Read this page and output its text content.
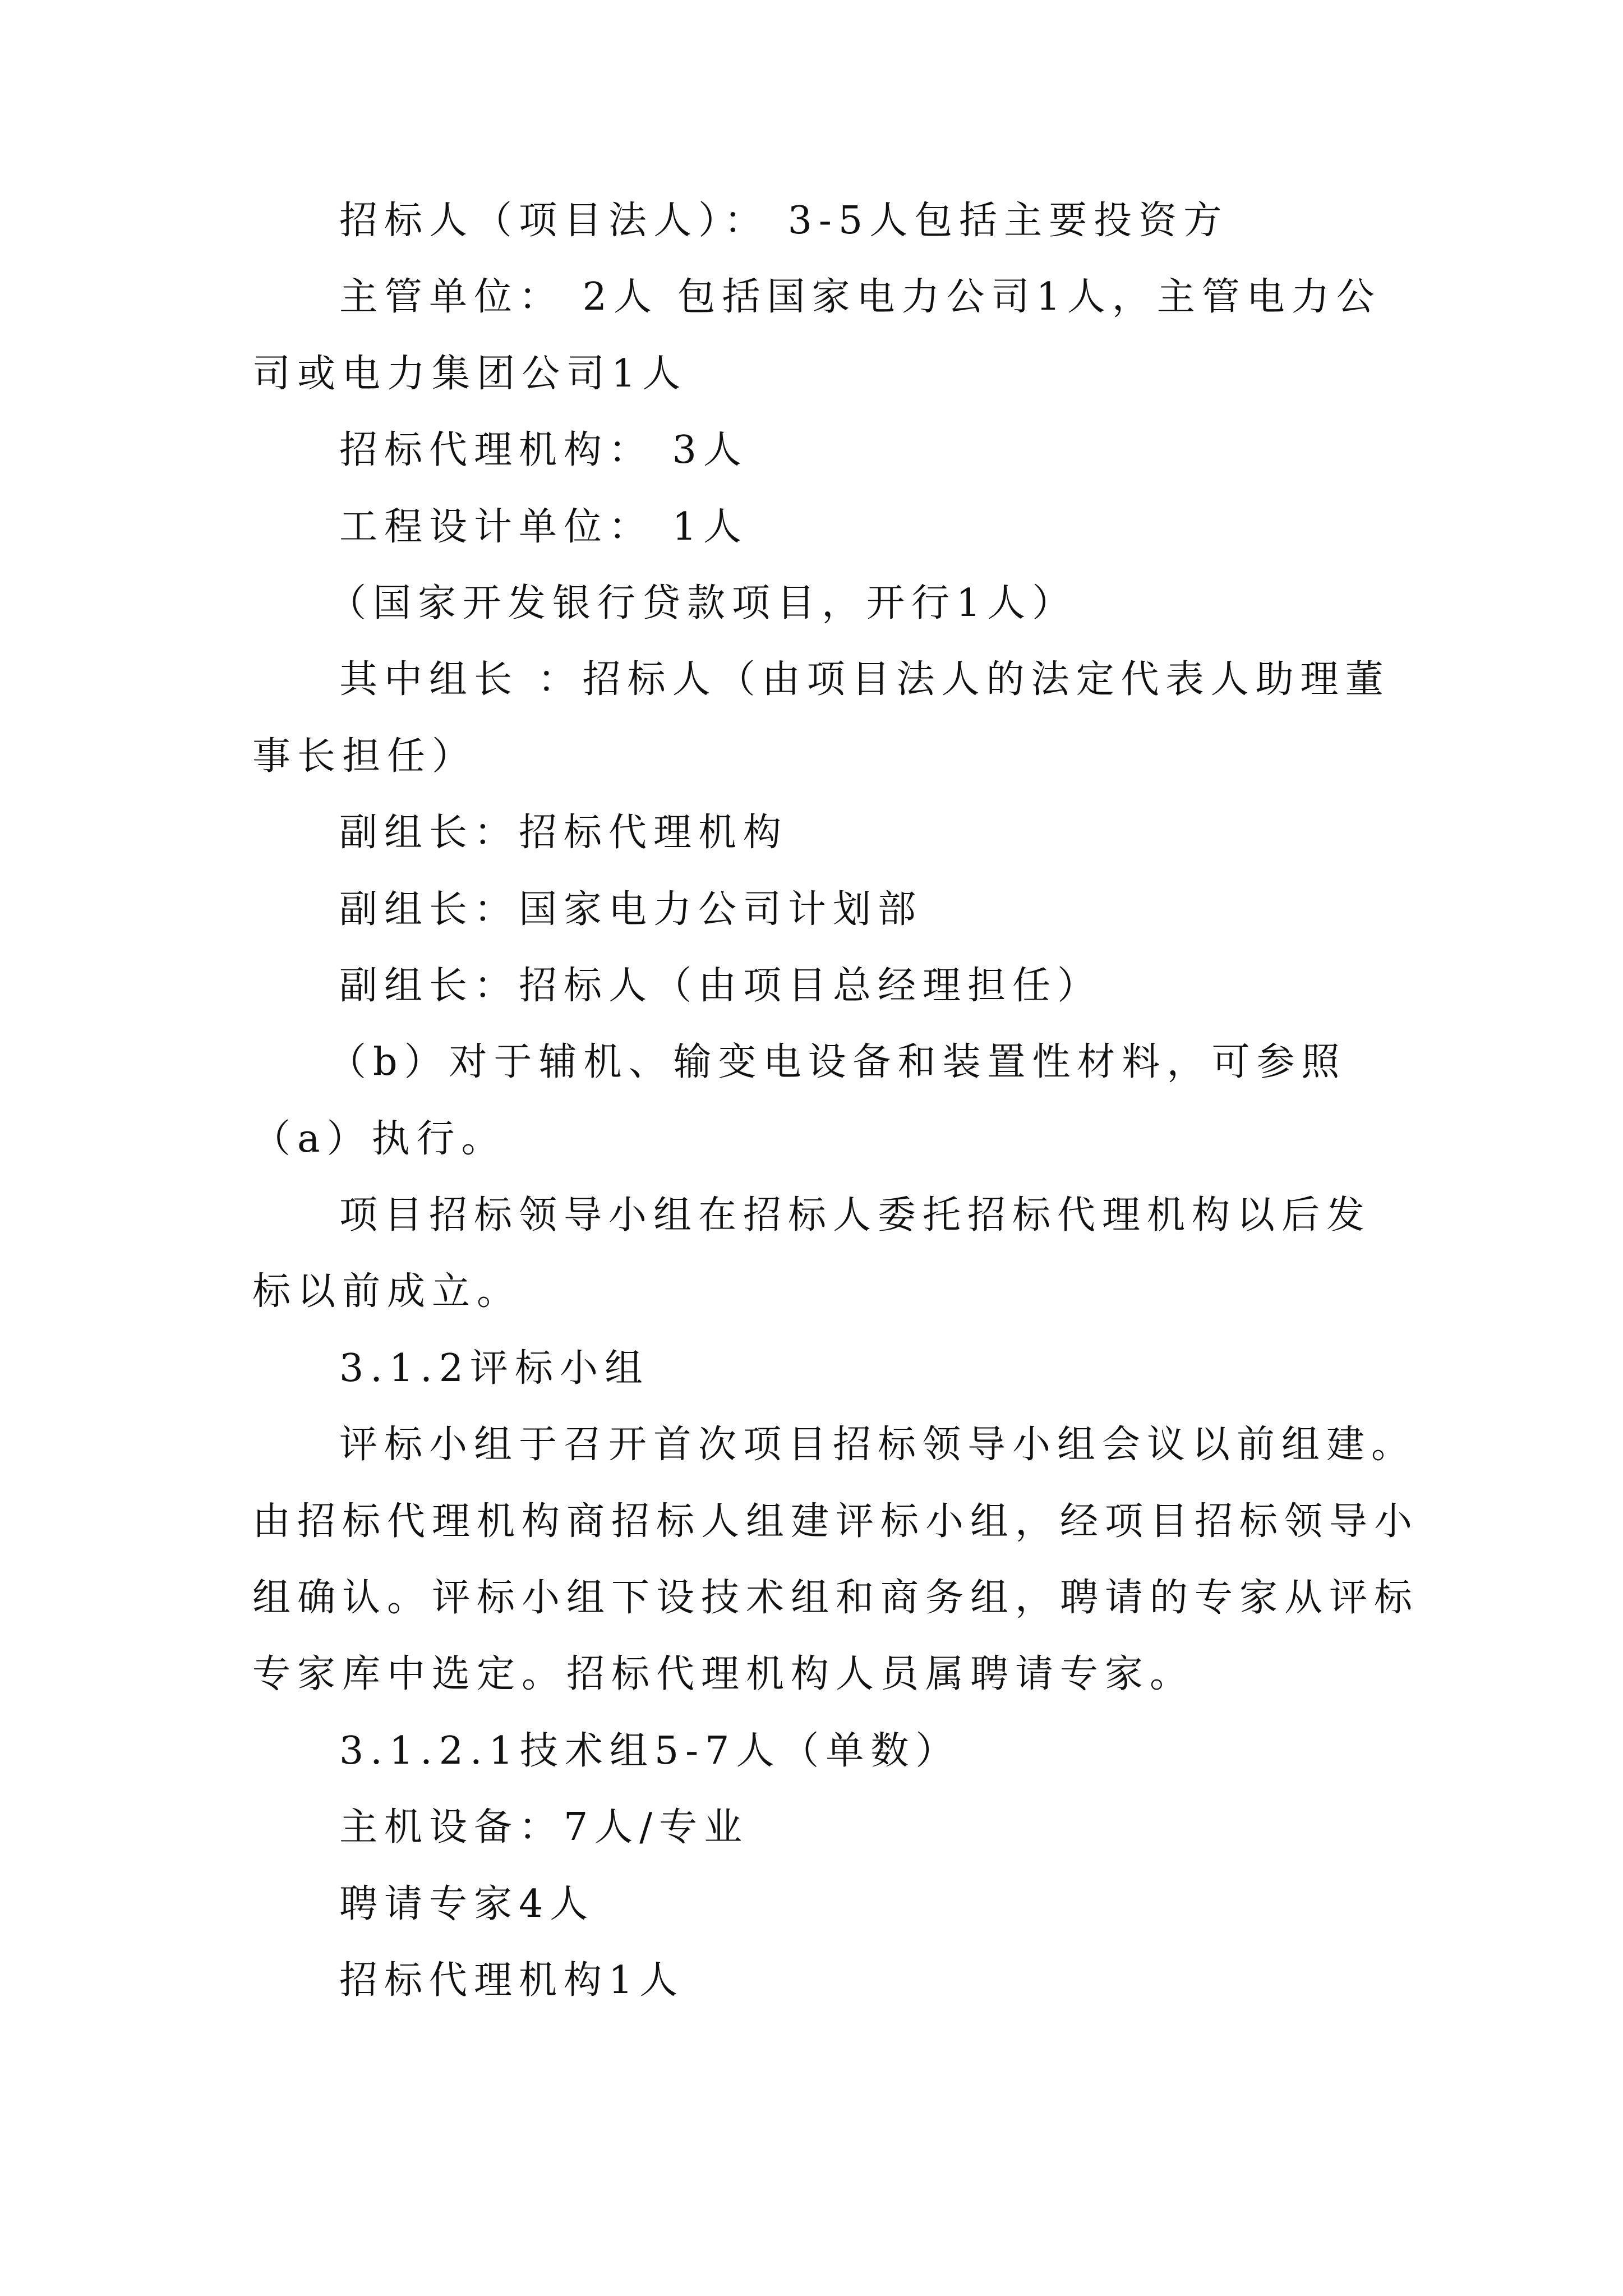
招标人（项目法人）： 3-5人包括主要投资方
主管单位： 2人 包括国家电力公司1人，主管电力公
司或电力集团公司1人
招标代理机构： 3人
工程设计单位： 1人
（国家开发银行贷款项目，开行1人）
其中组长 ：招标人（由项目法人的法定代表人助理董
事长担任）
副组长：招标代理机构
副组长：国家电力公司计划部
副组长：招标人（由项目总经理担任）
（b）对于辅机、输变电设备和装置性材料，可参照
（a）执行。
项目招标领导小组在招标人委托招标代理机构以后发
标以前成立。
3.1.2评标小组
评标小组于召开首次项目招标领导小组会议以前组建。
由招标代理机构商招标人组建评标小组，经项目招标领导小
组确认。评标小组下设技术组和商务组，聘请的专家从评标
专家库中选定。招标代理机构人员属聘请专家。
3.1.2.1技术组5-7人（单数）
主机设备：7人/专业
聘请专家4人
招标代理机构1人
